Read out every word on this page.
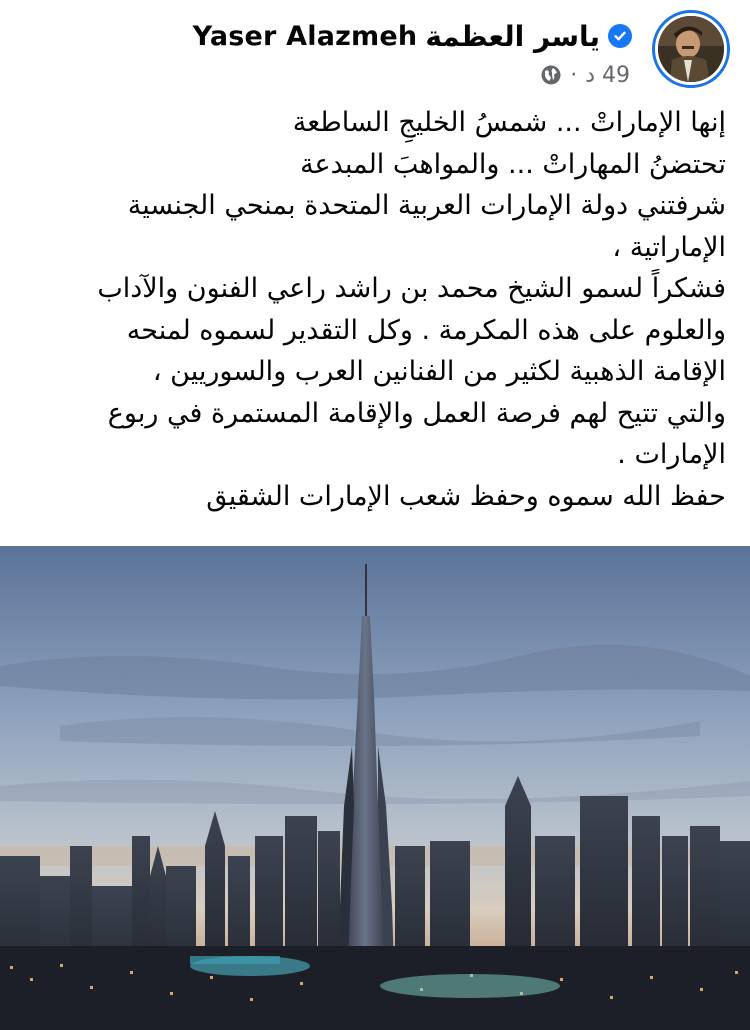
Yaser Alazmeh ياسر العظمة
· 49 د

إنها الإماراتْ ... شمسُ الخليجِ الساطعة

تحتضنُ المهاراتْ ... والمواهبَ المبدعة

شرفتني دولة الإمارات العربية المتحدة بمنحي الجنسية

الإماراتية ،

فشكراً لسمو الشيخ محمد بن راشد راعي الفنون والآداب

والعلوم على هذه المكرمة . وكل التقدير لسموه لمنحه

الإقامة الذهبية لكثير من الفنانين العرب والسوريين ،

والتي تتيح لهم فرصة العمل والإقامة المستمرة في ربوع

الإمارات .

حفظ الله سموه وحفظ شعب الإمارات الشقيق
